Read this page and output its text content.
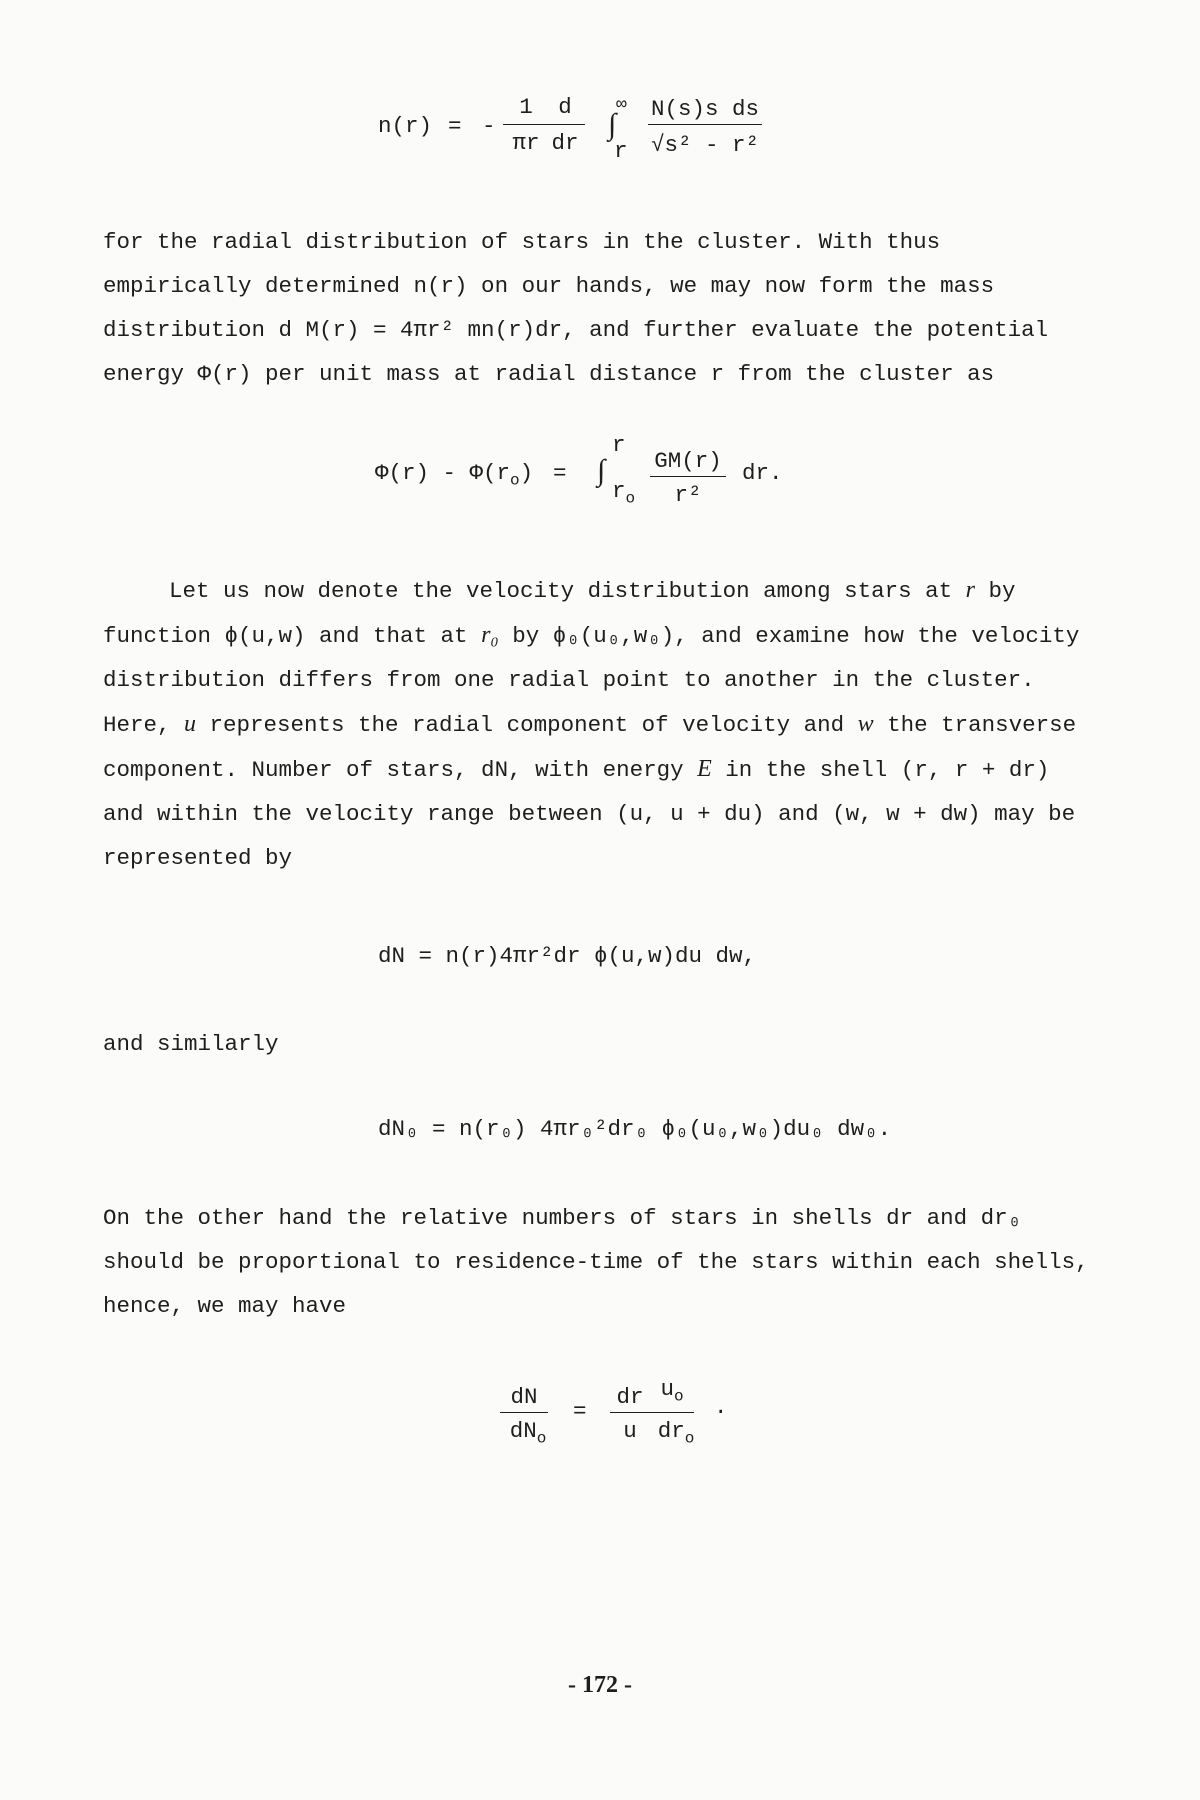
n(r) = -
1
πr
d
dr
∫
∞
r
N(s)s ds
√s² - r²

for the radial distribution of stars in the cluster. With thus empirically determined n(r) on our hands, we may now form the mass distribution d M(r) = 4πr² mn(r)dr, and further evaluate the potential energy Φ(r) per unit mass at radial distance r from the cluster as

$\Phi(r) - \Phi(r_o)$ = ∫
r
$r_o$
GM(r)
r²
dr.

Let us now denote the velocity distribution among stars at r by function ϕ(u,w) and that at r₀ by ϕ₀(u₀,w₀), and examine how the velocity distribution differs from one radial point to another in the cluster. Here, u represents the radial component of velocity and w the transverse component. Number of stars, dN, with energy E in the shell (r, r + dr) and within the velocity range between (u, u + du) and (w, w + dw) may be represented by

dN = n(r)4πr²dr ϕ(u,w)du dw,

and similarly

dN₀ = n(r₀) 4πr₀²dr₀ ϕ₀(u₀,w₀)du₀ dw₀.

On the other hand the relative numbers of stars in shells dr and dr₀ should be proportional to residence-time of the stars within each shells, hence, we may have

dN
$dN_o$
=
dr
u
$u_o$
$dr_o$
.
- 172 -
